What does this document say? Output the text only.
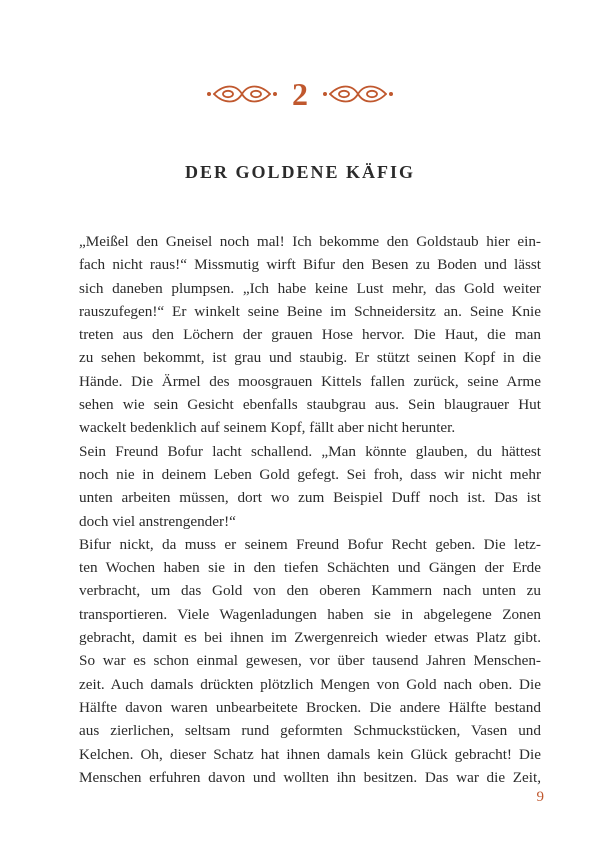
2
DER GOLDENE KÄFIG
„Meißel den Gneisel noch mal! Ich bekomme den Goldstaub hier ein-
fach nicht raus!“ Missmutig wirft Bifur den Besen zu Boden und lässt
sich daneben plumpsen. „Ich habe keine Lust mehr, das Gold weiter
rauszufegen!“ Er winkelt seine Beine im Schneidersitz an. Seine Knie
treten aus den Löchern der grauen Hose hervor. Die Haut, die man
zu sehen bekommt, ist grau und staubig. Er stützt seinen Kopf in die
Hände. Die Ärmel des moosgrauen Kittels fallen zurück, seine Arme
sehen wie sein Gesicht ebenfalls staubgrau aus. Sein blaugrauer Hut
wackelt bedenklich auf seinem Kopf, fällt aber nicht herunter.
Sein Freund Bofur lacht schallend. „Man könnte glauben, du hättest
noch nie in deinem Leben Gold gefegt. Sei froh, dass wir nicht mehr
unten arbeiten müssen, dort wo zum Beispiel Duff noch ist. Das ist
doch viel anstrengender!“
Bifur nickt, da muss er seinem Freund Bofur Recht geben. Die letz-
ten Wochen haben sie in den tiefen Schächten und Gängen der Erde
verbracht, um das Gold von den oberen Kammern nach unten zu
transportieren. Viele Wagenladungen haben sie in abgelegene Zonen
gebracht, damit es bei ihnen im Zwergenreich wieder etwas Platz gibt.
So war es schon einmal gewesen, vor über tausend Jahren Menschen-
zeit. Auch damals drückten plötzlich Mengen von Gold nach oben. Die
Hälfte davon waren unbearbeitete Brocken. Die andere Hälfte bestand
aus zierlichen, seltsam rund geformten Schmuckstücken, Vasen und
Kelchen. Oh, dieser Schatz hat ihnen damals kein Glück gebracht! Die
Menschen erfuhren davon und wollten ihn besitzen. Das war die Zeit,
9
